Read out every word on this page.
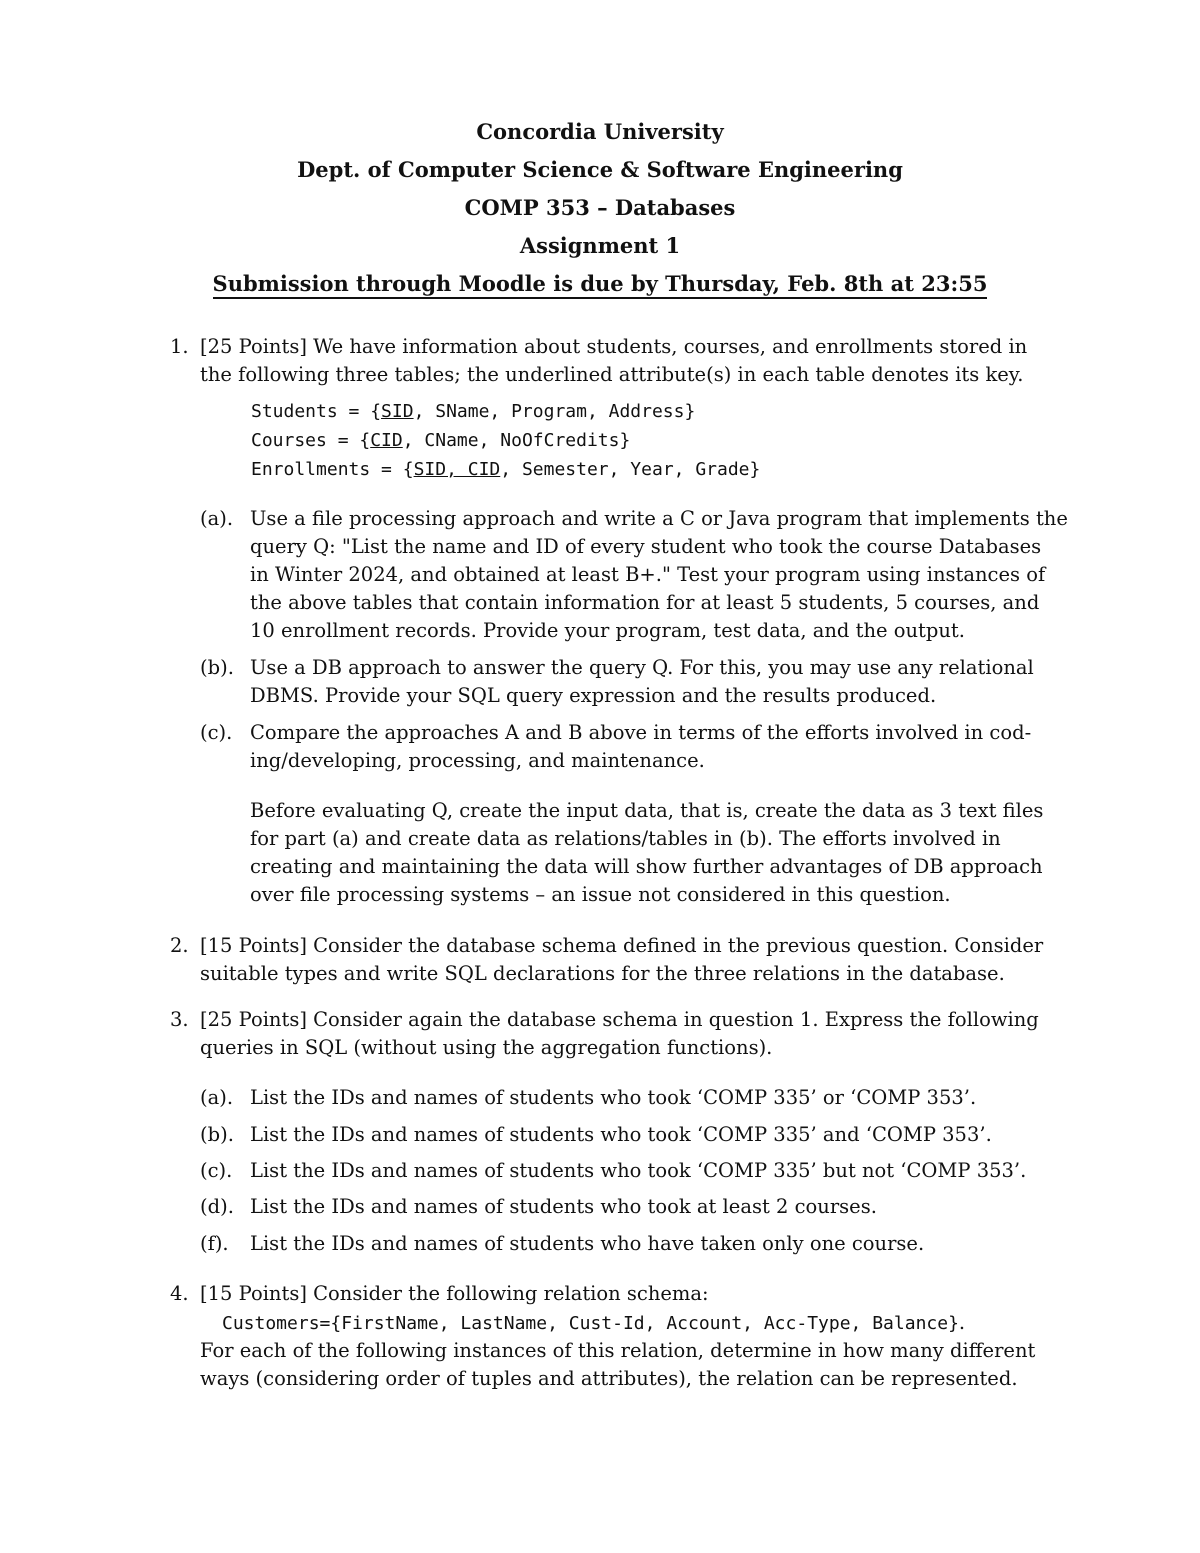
Concordia University
Dept. of Computer Science & Software Engineering
COMP 353 – Databases
Assignment 1
Submission through Moodle is due by Thursday, Feb. 8th at 23:55
1. [25 Points] We have information about students, courses, and enrollments stored in
the following three tables; the underlined attribute(s) in each table denotes its key.
Students = {SID, SName, Program, Address}
Courses = {CID, CName, NoOfCredits}
Enrollments = {SID, CID, Semester, Year, Grade}
(a). Use a file processing approach and write a C or Java program that implements the
query Q: "List the name and ID of every student who took the course Databases
in Winter 2024, and obtained at least B+." Test your program using instances of
the above tables that contain information for at least 5 students, 5 courses, and
10 enrollment records. Provide your program, test data, and the output.
(b). Use a DB approach to answer the query Q. For this, you may use any relational
DBMS. Provide your SQL query expression and the results produced.
(c). Compare the approaches A and B above in terms of the efforts involved in cod-
ing/developing, processing, and maintenance.
Before evaluating Q, create the input data, that is, create the data as 3 text files
for part (a) and create data as relations/tables in (b). The efforts involved in
creating and maintaining the data will show further advantages of DB approach
over file processing systems – an issue not considered in this question.
2. [15 Points] Consider the database schema defined in the previous question. Consider
suitable types and write SQL declarations for the three relations in the database.
3. [25 Points] Consider again the database schema in question 1. Express the following
queries in SQL (without using the aggregation functions).
(a). List the IDs and names of students who took ‘COMP 335’ or ‘COMP 353’.
(b). List the IDs and names of students who took ‘COMP 335’ and ‘COMP 353’.
(c). List the IDs and names of students who took ‘COMP 335’ but not ‘COMP 353’.
(d). List the IDs and names of students who took at least 2 courses.
(f). List the IDs and names of students who have taken only one course.
4. [15 Points] Consider the following relation schema:
Customers={FirstName, LastName, Cust-Id, Account, Acc-Type, Balance}.
For each of the following instances of this relation, determine in how many different
ways (considering order of tuples and attributes), the relation can be represented.
